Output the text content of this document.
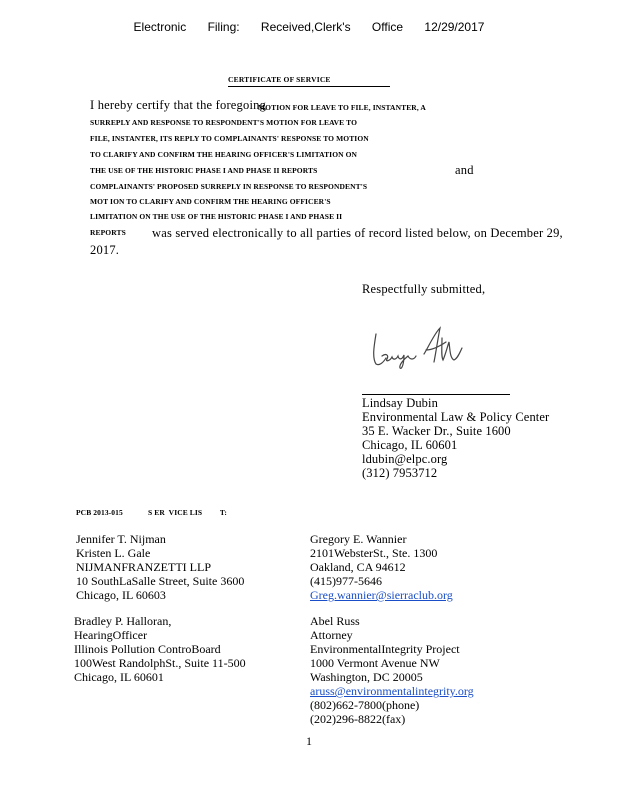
Electronic Filing: Received,Clerk's Office 12/29/2017
CERTIFICATE OF SERVICE
I hereby certify that the foregoing
MOTION FOR LEAVE TO FILE, INSTANTER, A
SURREPLY AND RESPONSE TO RESPONDENT'S MOTION FOR LEAVE TO
FILE, INSTANTER, ITS REPLY TO COMPLAINANTS' RESPONSE TO MOTION
TO CLARIFY AND CONFIRM THE HEARING OFFICER'S LIMITATION ON
THE USE OF THE HISTORIC PHASE I AND PHASE II REPORTS	and
COMPLAINANTS' PROPOSED SURREPLY IN RESPONSE TO RESPONDENT'S
MOT ION TO CLARIFY AND CONFIRM THE HEARING OFFICER'S
LIMITATION ON THE USE OF THE HISTORIC PHASE I AND PHASE II
REPORTS was served electronically to all parties of record listed below, on December 29,
2017.
Respectfully submitted,
Lindsay Dubin
Environmental Law & Policy Center
35 E. Wacker Dr., Suite 1600
Chicago, IL 60601
ldubin@elpc.org
(312) 7953712
PCB 2013-015	S ER  VICE LIS         T:
Jennifer T. Nijman
Kristen L. Gale
NIJMANFRANZETTI LLP
10 SouthLaSalle Street, Suite 3600
Chicago, IL 60603
Gregory E. Wannier
2101WebsterSt., Ste. 1300
Oakland, CA 94612
(415)977-5646
Greg.wannier@sierraclub.org
Bradley P. Halloran,
HearingOfficer
Illinois Pollution ControBoard
100West RandolphSt., Suite 11-500
Chicago, IL 60601
Abel Russ
Attorney
EnvironmentalIntegrity Project
1000 Vermont Avenue NW
Washington, DC 20005
aruss@environmentalintegrity.org
(802)662-7800(phone)
(202)296-8822(fax)
1
